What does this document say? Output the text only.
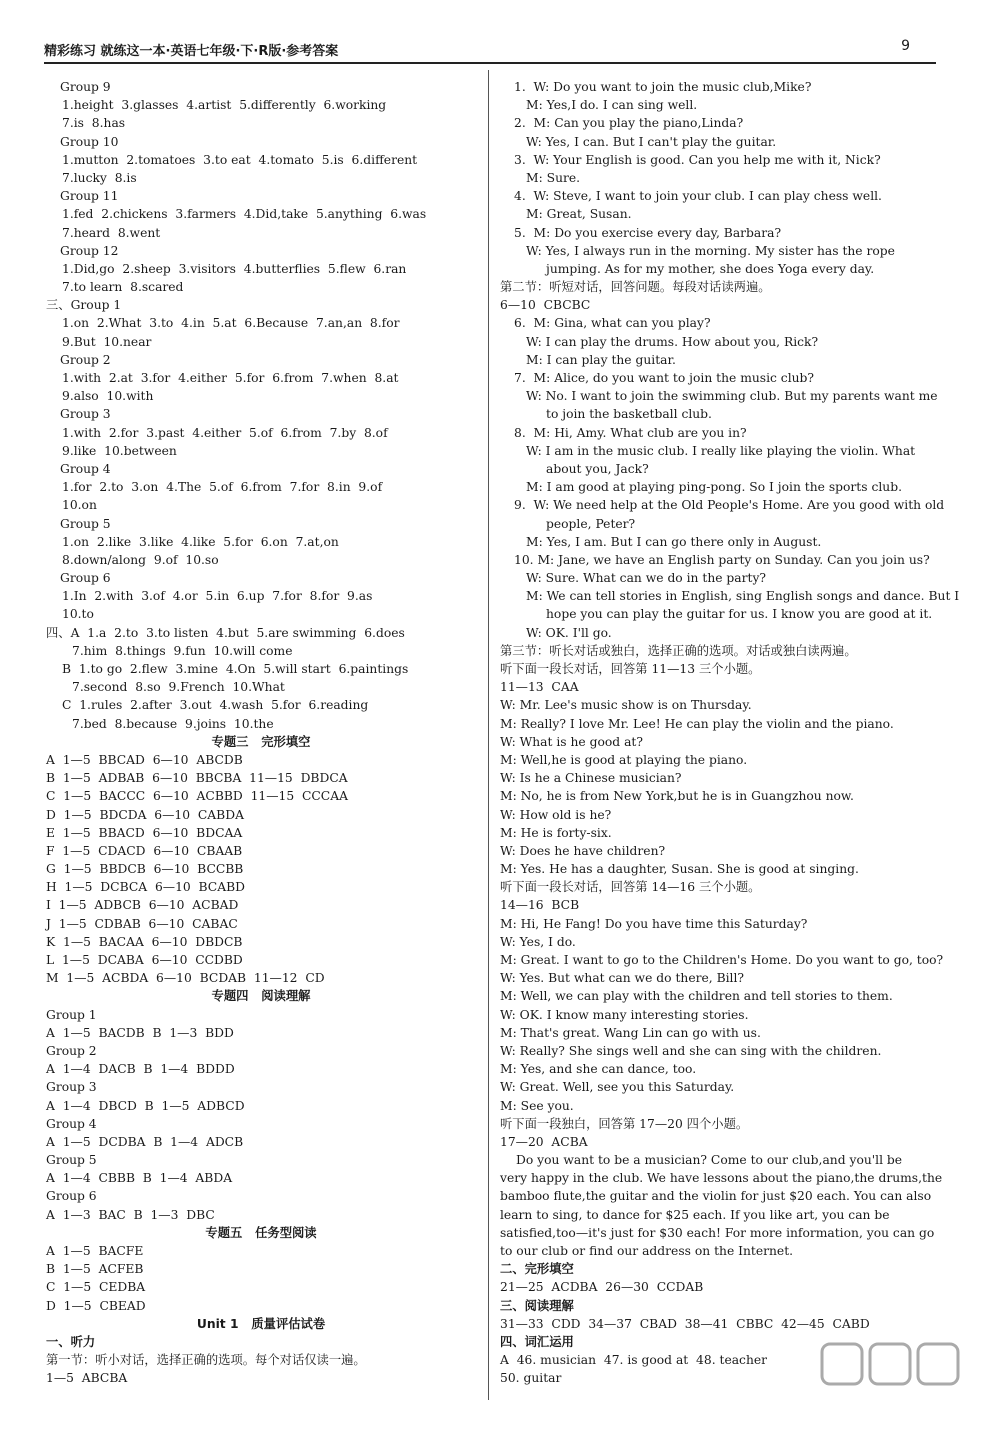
精彩练习 就练这一本·英语七年级·下·R版·参考答案	9
Group 9
1.height  3.glasses  4.artist  5.differently  6.working
7.is  8.has
Group 10
1.mutton  2.tomatoes  3.to eat  4.tomato  5.is  6.different
7.lucky  8.is
Group 11
1.fed  2.chickens  3.farmers  4.Did,take  5.anything  6.was
7.heard  8.went
Group 12
1.Did,go  2.sheep  3.visitors  4.butterflies  5.flew  6.ran
7.to learn  8.scared
三、Group 1
1.on  2.What  3.to  4.in  5.at  6.Because  7.an,an  8.for
9.But  10.near
Group 2
1.with  2.at  3.for  4.either  5.for  6.from  7.when  8.at
9.also  10.with
Group 3
1.with  2.for  3.past  4.either  5.of  6.from  7.by  8.of
9.like  10.between
Group 4
1.for  2.to  3.on  4.The  5.of  6.from  7.for  8.in  9.of
10.on
Group 5
1.on  2.like  3.like  4.like  5.for  6.on  7.at,on
8.down/along  9.of  10.so
Group 6
1.In  2.with  3.of  4.or  5.in  6.up  7.for  8.for  9.as
10.to
四、A  1.a  2.to  3.to listen  4.but  5.are swimming  6.does
7.him  8.things  9.fun  10.will come
B  1.to go  2.flew  3.mine  4.On  5.will start  6.paintings
7.second  8.so  9.French  10.What
C  1.rules  2.after  3.out  4.wash  5.for  6.reading
7.bed  8.because  9.joins  10.the
专题三   完形填空
A  1—5  BBCAD  6—10  ABCDB
B  1—5  ADBAB  6—10  BBCBA  11—15  DBDCA
C  1—5  BACCC  6—10  ACBBD  11—15  CCCAA
D  1—5  BDCDA  6—10  CABDA
E  1—5  BBACD  6—10  BDCAA
F  1—5  CDACD  6—10  CBAAB
G  1—5  BBDCB  6—10  BCCBB
H  1—5  DCBCA  6—10  BCABD
I  1—5  ADBCB  6—10  ACBAD
J  1—5  CDBAB  6—10  CABAC
K  1—5  BACAA  6—10  DBDCB
L  1—5  DCABA  6—10  CCDBD
M  1—5  ACBDA  6—10  BCDAB  11—12  CD
专题四   阅读理解
Group 1
A  1—5  BACDB  B  1—3  BDD
Group 2
A  1—4  DACB  B  1—4  BDDD
Group 3
A  1—4  DBCD  B  1—5  ADBCD
Group 4
A  1—5  DCDBA  B  1—4  ADCB
Group 5
A  1—4  CBBB  B  1—4  ABDA
Group 6
A  1—3  BAC  B  1—3  DBC
专题五   任务型阅读
A  1—5  BACFE
B  1—5  ACFEB
C  1—5  CEDBA
D  1—5  CBEAD
Unit 1   质量评估试卷
一、听力
第一节：听小对话，选择正确的选项。每个对话仅读一遍。
1—5  ABCBA
1.  W: Do you want to join the music club,Mike?
M: Yes,I do. I can sing well.
2.  M: Can you play the piano,Linda?
W: Yes, I can. But I can't play the guitar.
3.  W: Your English is good. Can you help me with it, Nick?
M: Sure.
4.  W: Steve, I want to join your club. I can play chess well.
M: Great, Susan.
5.  M: Do you exercise every day, Barbara?
W: Yes, I always run in the morning. My sister has the rope
jumping. As for my mother, she does Yoga every day.
第二节：听短对话，回答问题。每段对话读两遍。
6—10  CBCBC
6.  M: Gina, what can you play?
W: I can play the drums. How about you, Rick?
M: I can play the guitar.
7.  M: Alice, do you want to join the music club?
W: No. I want to join the swimming club. But my parents want me
to join the basketball club.
8.  M: Hi, Amy. What club are you in?
W: I am in the music club. I really like playing the violin. What
about you, Jack?
M: I am good at playing ping-pong. So I join the sports club.
9.  W: We need help at the Old People's Home. Are you good with old
people, Peter?
M: Yes, I am. But I can go there only in August.
10. M: Jane, we have an English party on Sunday. Can you join us?
W: Sure. What can we do in the party?
M: We can tell stories in English, sing English songs and dance. But I
hope you can play the guitar for us. I know you are good at it.
W: OK. I'll go.
第三节：听长对话或独白，选择正确的选项。对话或独白读两遍。
听下面一段长对话，回答第 11—13 三个小题。
11—13  CAA
W: Mr. Lee's music show is on Thursday.
M: Really? I love Mr. Lee! He can play the violin and the piano.
W: What is he good at?
M: Well,he is good at playing the piano.
W: Is he a Chinese musician?
M: No, he is from New York,but he is in Guangzhou now.
W: How old is he?
M: He is forty-six.
W: Does he have children?
M: Yes. He has a daughter, Susan. She is good at singing.
听下面一段长对话，回答第 14—16 三个小题。
14—16  BCB
M: Hi, He Fang! Do you have time this Saturday?
W: Yes, I do.
M: Great. I want to go to the Children's Home. Do you want to go, too?
W: Yes. But what can we do there, Bill?
M: Well, we can play with the children and tell stories to them.
W: OK. I know many interesting stories.
M: That's great. Wang Lin can go with us.
W: Really? She sings well and she can sing with the children.
M: Yes, and she can dance, too.
W: Great. Well, see you this Saturday.
M: See you.
听下面一段独白，回答第 17—20 四个小题。
17—20  ACBA
Do you want to be a musician? Come to our club,and you'll be
very happy in the club. We have lessons about the piano,the drums,the
bamboo flute,the guitar and the violin for just $20 each. You can also
learn to sing, to dance for $25 each. If you like art, you can be
satisfied,too—it's just for $30 each! For more information, you can go
to our club or find our address on the Internet.
二、完形填空
21—25  ACDBA  26—30  CCDAB
三、阅读理解
31—33  CDD  34—37  CBAD  38—41  CBBC  42—45  CABD
四、词汇运用
A  46. musician  47. is good at  48. teacher
50. guitar
